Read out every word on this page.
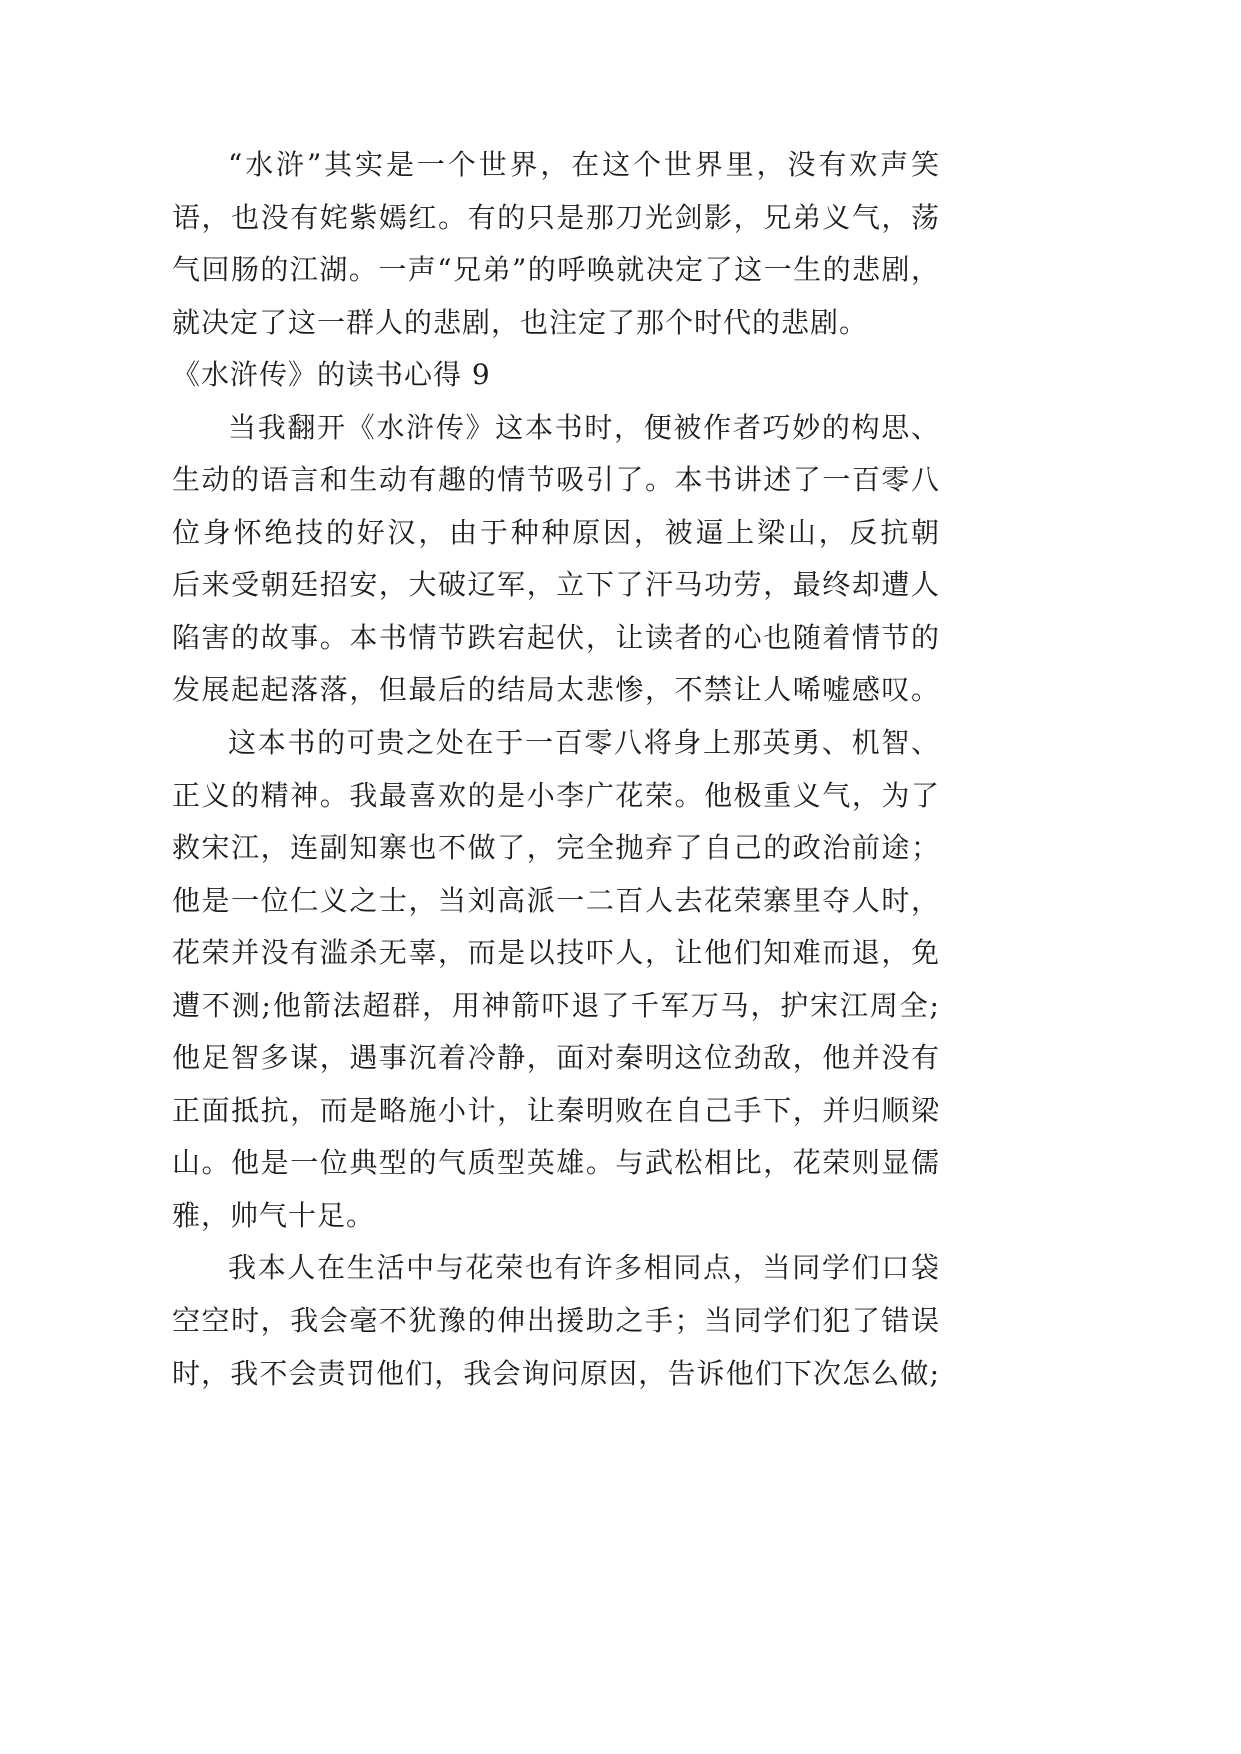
“水浒”其实是一个世界，在这个世界里，没有欢声笑
语，也没有姹紫嫣红。有的只是那刀光剑影，兄弟义气，荡
气回肠的江湖。一声“兄弟”的呼唤就决定了这一生的悲剧，
就决定了这一群人的悲剧，也注定了那个时代的悲剧。
《水浒传》的读书心得 9
当我翻开《水浒传》这本书时，便被作者巧妙的构思、
生动的语言和生动有趣的情节吸引了。本书讲述了一百零八
位身怀绝技的好汉，由于种种原因，被逼上梁山，反抗朝
后来受朝廷招安，大破辽军，立下了汗马功劳，最终却遭人
陷害的故事。本书情节跌宕起伏，让读者的心也随着情节的
发展起起落落，但最后的结局太悲惨，不禁让人唏嘘感叹。
这本书的可贵之处在于一百零八将身上那英勇、机智、
正义的精神。我最喜欢的是小李广花荣。他极重义气，为了
救宋江，连副知寨也不做了，完全抛弃了自己的政治前途；
他是一位仁义之士，当刘高派一二百人去花荣寨里夺人时，
花荣并没有滥杀无辜，而是以技吓人，让他们知难而退，免
遭不测;他箭法超群，用神箭吓退了千军万马，护宋江周全;
他足智多谋，遇事沉着冷静，面对秦明这位劲敌，他并没有
正面抵抗，而是略施小计，让秦明败在自己手下，并归顺梁
山。他是一位典型的气质型英雄。与武松相比，花荣则显儒
雅，帅气十足。
我本人在生活中与花荣也有许多相同点，当同学们口袋
空空时，我会毫不犹豫的伸出援助之手；当同学们犯了错误
时，我不会责罚他们，我会询问原因，告诉他们下次怎么做;
